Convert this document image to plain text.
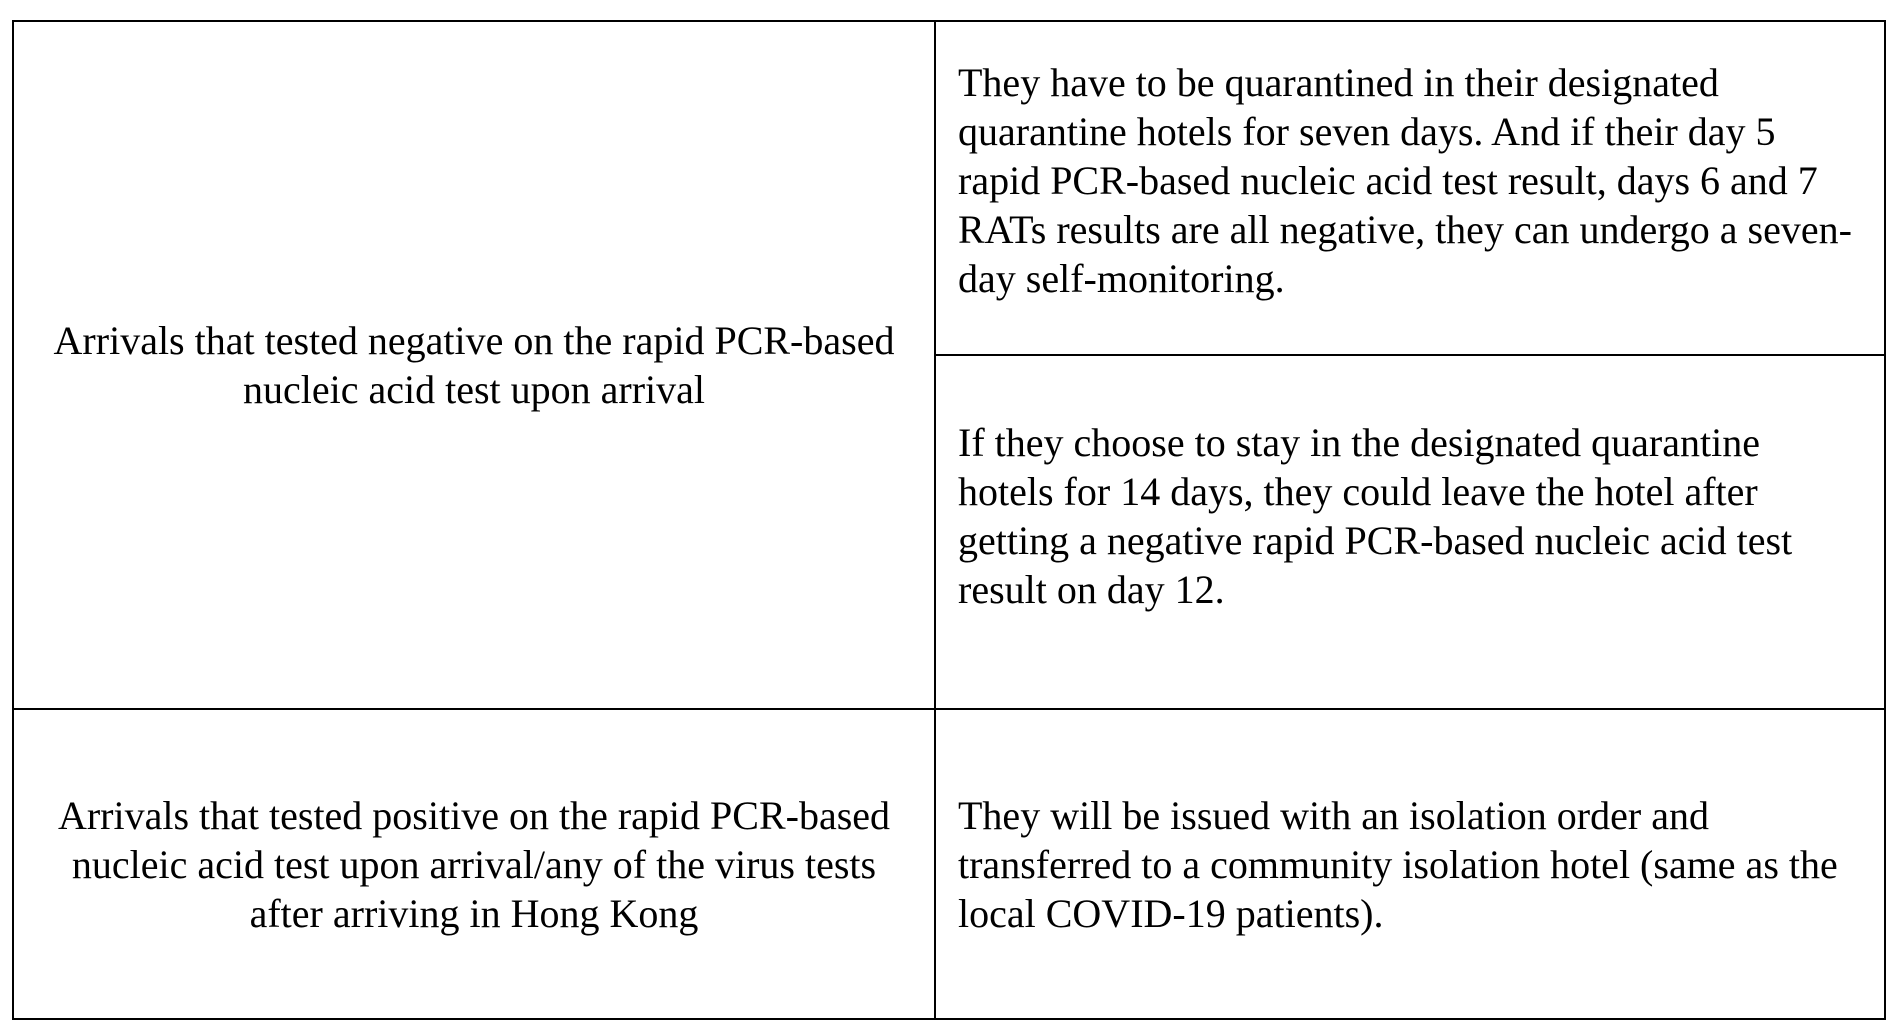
Arrivals that tested negative on the rapid PCR-based nucleic acid test upon arrival	They have to be quarantined in their designated quarantine hotels for seven days. And if their day 5 rapid PCR-based nucleic acid test result, days 6 and 7 RATs results are all negative, they can undergo a seven-day self-monitoring.

	If they choose to stay in the designated quarantine hotels for 14 days, they could leave the hotel after getting a negative rapid PCR-based nucleic acid test result on day 12.

Arrivals that tested positive on the rapid PCR-based nucleic acid test upon arrival/any of the virus tests after arriving in Hong Kong	They will be issued with an isolation order and transferred to a community isolation hotel (same as the local COVID-19 patients).
